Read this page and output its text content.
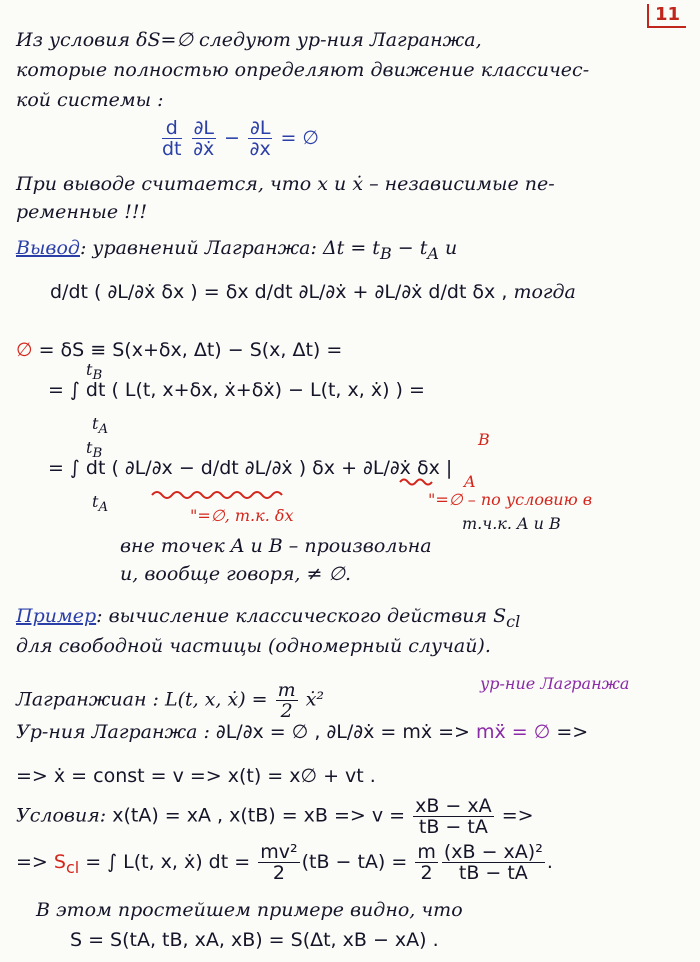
11
Из условия δS=∅ следуют ур-ния Лагранжа,
которые полностью определяют движение классичес-
кой системы :
$\frac{d}{dt}$
$\frac{\partial L}{\text{∂ẋ}} - \frac{\partial L}{\partial x}$ = ∅
При выводе считается, что x и ẋ – независимые пе-
ременные !!!
Вывод: уравнений Лагранжа: $\Delta t = t_B - t_A$ и
d/dt ( ∂L/∂ẋ δx ) = δx d/dt ∂L/∂ẋ + ∂L/∂ẋ d/dt δx , тогда
∅ = δS ≡ S(x+δx, Δt) − S(x, Δt) =
= ∫ dt ( L(t, x+δx, ẋ+δẋ) − L(t, x, ẋ) ) =
$t_B$
$t_A$
= ∫ dt ( ∂L/∂x − d/dt ∂L/∂ẋ ) δx + ∂L/∂ẋ δx |
$t_B$
$t_A$
B
A
"=∅, т.к. δx
"=∅ – по условию в
т.ч.к. A и B
вне точек A и B – произвольна
и, вообще говоря, ≠ ∅.
Пример: вычисление классического действия $S_{cl}$
для свободной частицы (одномерный случай).
Лагранжиан : L(t, x, ẋ) = $\frac{m}{2}$ ẋ²
ур-ние Лагранжа
Ур-ния Лагранжа : ∂L/∂x = ∅ , ∂L/∂ẋ = mẋ => mẍ = ∅ =>
=> ẋ = const = v => x(t) = x∅ + vt .
Условия: x(tA) = xA , x(tB) = xB => $v = \frac{xB - xA}{tB - tA}$ =>
=> $S_{cl}$ = ∫ L(t, x, ẋ) dt = $\frac{\text{mv²}}{2} (tB - tA) = \frac{m}{2} \frac{\text{(xB − xA)²}}{tB - tA}$ .
В этом простейшем примере видно, что
S = S(tA, tB, xA, xB) = S(Δt, xB − xA) .
